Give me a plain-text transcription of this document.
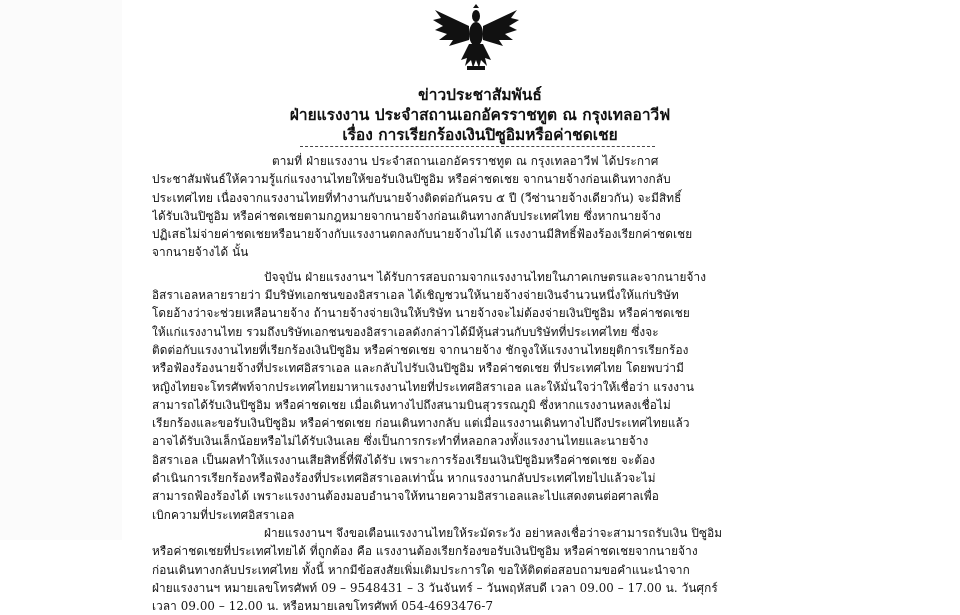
ข่าวประชาสัมพันธ์
ฝ่ายแรงงาน ประจำสถานเอกอัครราชทูต ณ กรุงเทลอาวีฟ
เรื่อง การเรียกร้องเงินปิซูอิมหรือค่าชดเชย
ตามที่ ฝ่ายแรงงาน ประจำสถานเอกอัครราชทูต ณ กรุงเทลอาวีฟ ได้ประกาศ
ประชาสัมพันธ์ให้ความรู้แก่แรงงานไทยให้ขอรับเงินปิซูอิม หรือค่าชดเชย จากนายจ้างก่อนเดินทางกลับ
ประเทศไทย เนื่องจากแรงงานไทยที่ทำงานกับนายจ้างติดต่อกันครบ ๕ ปี (วีซ่านายจ้างเดียวกัน) จะมีสิทธิ์
ได้รับเงินปิซูอิม หรือค่าชดเชยตามกฎหมายจากนายจ้างก่อนเดินทางกลับประเทศไทย ซึ่งหากนายจ้าง
ปฏิเสธไม่จ่ายค่าชดเชยหรือนายจ้างกับแรงงานตกลงกับนายจ้างไม่ได้ แรงงานมีสิทธิ์ฟ้องร้องเรียกค่าชดเชย
จากนายจ้างได้ นั้น
ปัจจุบัน ฝ่ายแรงงานฯ ได้รับการสอบถามจากแรงงานไทยในภาคเกษตรและจากนายจ้าง
อิสราเอลหลายรายว่า มีบริษัทเอกชนของอิสราเอล ได้เชิญชวนให้นายจ้างจ่ายเงินจำนวนหนึ่งให้แก่บริษัท
โดยอ้างว่าจะช่วยเหลือนายจ้าง ถ้านายจ้างจ่ายเงินให้บริษัท นายจ้างจะไม่ต้องจ่ายเงินปิซูอิม หรือค่าชดเชย
ให้แก่แรงงานไทย รวมถึงบริษัทเอกชนของอิสราเอลดังกล่าวได้มีหุ้นส่วนกับบริษัทที่ประเทศไทย ซึ่งจะ
ติดต่อกับแรงงานไทยที่เรียกร้องเงินปิซูอิม หรือค่าชดเชย จากนายจ้าง ชักจูงให้แรงงานไทยยุติการเรียกร้อง
หรือฟ้องร้องนายจ้างที่ประเทศอิสราเอล และกลับไปรับเงินปิซูอิม หรือค่าชดเชย ที่ประเทศไทย โดยพบว่ามี
หญิงไทยจะโทรศัพท์จากประเทศไทยมาหาแรงงานไทยที่ประเทศอิสราเอล และให้มั่นใจว่าให้เชื่อว่า แรงงาน
สามารถได้รับเงินปิซูอิม หรือค่าชดเชย เมื่อเดินทางไปถึงสนามบินสุวรรณภูมิ ซึ่งหากแรงงานหลงเชื่อไม่
เรียกร้องและขอรับเงินปิซูอิม หรือค่าชดเชย ก่อนเดินทางกลับ แต่เมื่อแรงงานเดินทางไปถึงประเทศไทยแล้ว
อาจได้รับเงินเล็กน้อยหรือไม่ได้รับเงินเลย ซึ่งเป็นการกระทำที่หลอกลวงทั้งแรงงานไทยและนายจ้าง
อิสราเอล เป็นผลทำให้แรงงานเสียสิทธิ์ที่พึงได้รับ เพราะการร้องเรียนเงินปิซูอิมหรือค่าชดเชย จะต้อง
ดำเนินการเรียกร้องหรือฟ้องร้องที่ประเทศอิสราเอลเท่านั้น หากแรงงานกลับประเทศไทยไปแล้วจะไม่
สามารถฟ้องร้องได้ เพราะแรงงานต้องมอบอำนาจให้ทนายความอิสราเอลและไปแสดงตนต่อศาลเพื่อ
เบิกความที่ประเทศอิสราเอล
ฝ่ายแรงงานฯ จึงขอเตือนแรงงานไทยให้ระมัดระวัง อย่าหลงเชื่อว่าจะสามารถรับเงิน ปิซูอิม
หรือค่าชดเชยที่ประเทศไทยได้ ที่ถูกต้อง คือ แรงงานต้องเรียกร้องขอรับเงินปิซูอิม หรือค่าชดเชยจากนายจ้าง
ก่อนเดินทางกลับประเทศไทย ทั้งนี้ หากมีข้อสงสัยเพิ่มเติมประการใด ขอให้ติดต่อสอบถามขอคำแนะนำจาก
ฝ่ายแรงงานฯ หมายเลขโทรศัพท์ 09 – 9548431 – 3 วันจันทร์ – วันพฤหัสบดี เวลา 09.00 – 17.00 น. วันศุกร์
เวลา 09.00 – 12.00 น. หรือหมายเลขโทรศัพท์ 054-4693476-7
